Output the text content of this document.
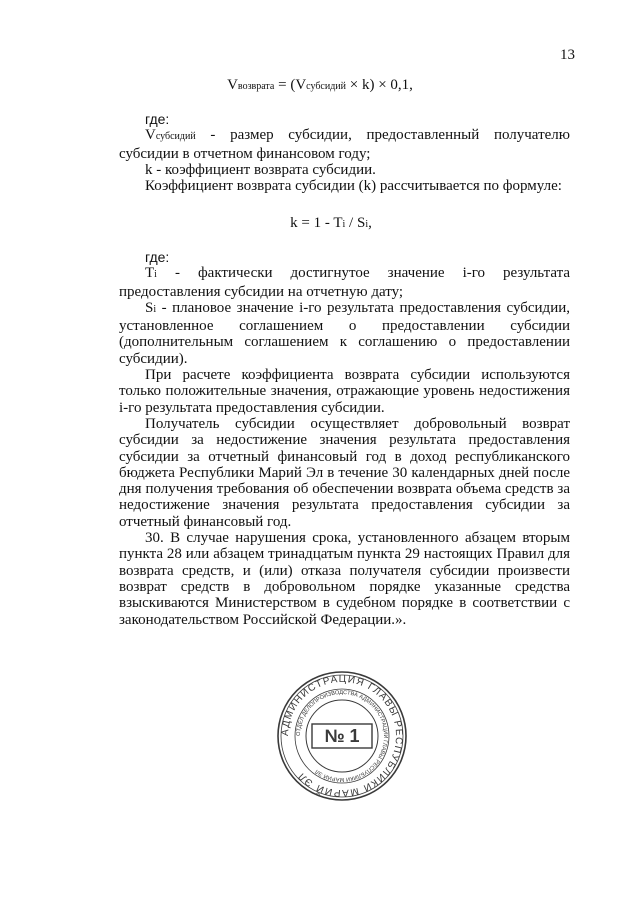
13
Vвозврата = (Vсубсидий × k) × 0,1,

где:

Vсубсидий - размер субсидии, предоставленный получателю субсидии в отчетном финансовом году;

k - коэффициент возврата субсидии.

Коэффициент возврата субсидии (k) рассчитывается по формуле:

k = 1 - Ti / Si,

где:

Ti - фактически достигнутое значение i-го результата предоставления субсидии на отчетную дату;

Si - плановое значение i-го результата предоставления субсидии, установленное соглашением о предоставлении субсидии (дополнительным соглашением к соглашению о предоставлении субсидии).

При расчете коэффициента возврата субсидии используются только положительные значения, отражающие уровень недостижения i-го результата предоставления субсидии.

Получатель субсидии осуществляет добровольный возврат субсидии за недостижение значения результата предоставления субсидии за отчетный финансовый год в доход республиканского бюджета Республики Марий Эл в течение 30 календарных дней после дня получения требования об обеспечении возврата объема средств за недостижение значения результата предоставления субсидии за отчетный финансовый год.

30. В случае нарушения срока, установленного абзацем вторым пункта 28 или абзацем тринадцатым пункта 29 настоящих Правил для возврата средств, и (или) отказа получателя субсидии произвести возврат средств в добровольном порядке указанные средства взыскиваются Министерством в судебном порядке в соответствии с законодательством Российской Федерации.».

АДМИНИСТРАЦИЯ ГЛАВЫ РЕСПУБЛИКИ МАРИЙ ЭЛ
ОТДЕЛ ДЕЛОПРОИЗВОДСТВА АДМИНИСТРАЦИИ ГЛАВЫ РЕСПУБЛИКИ МАРИЙ ЭЛ
№ 1
